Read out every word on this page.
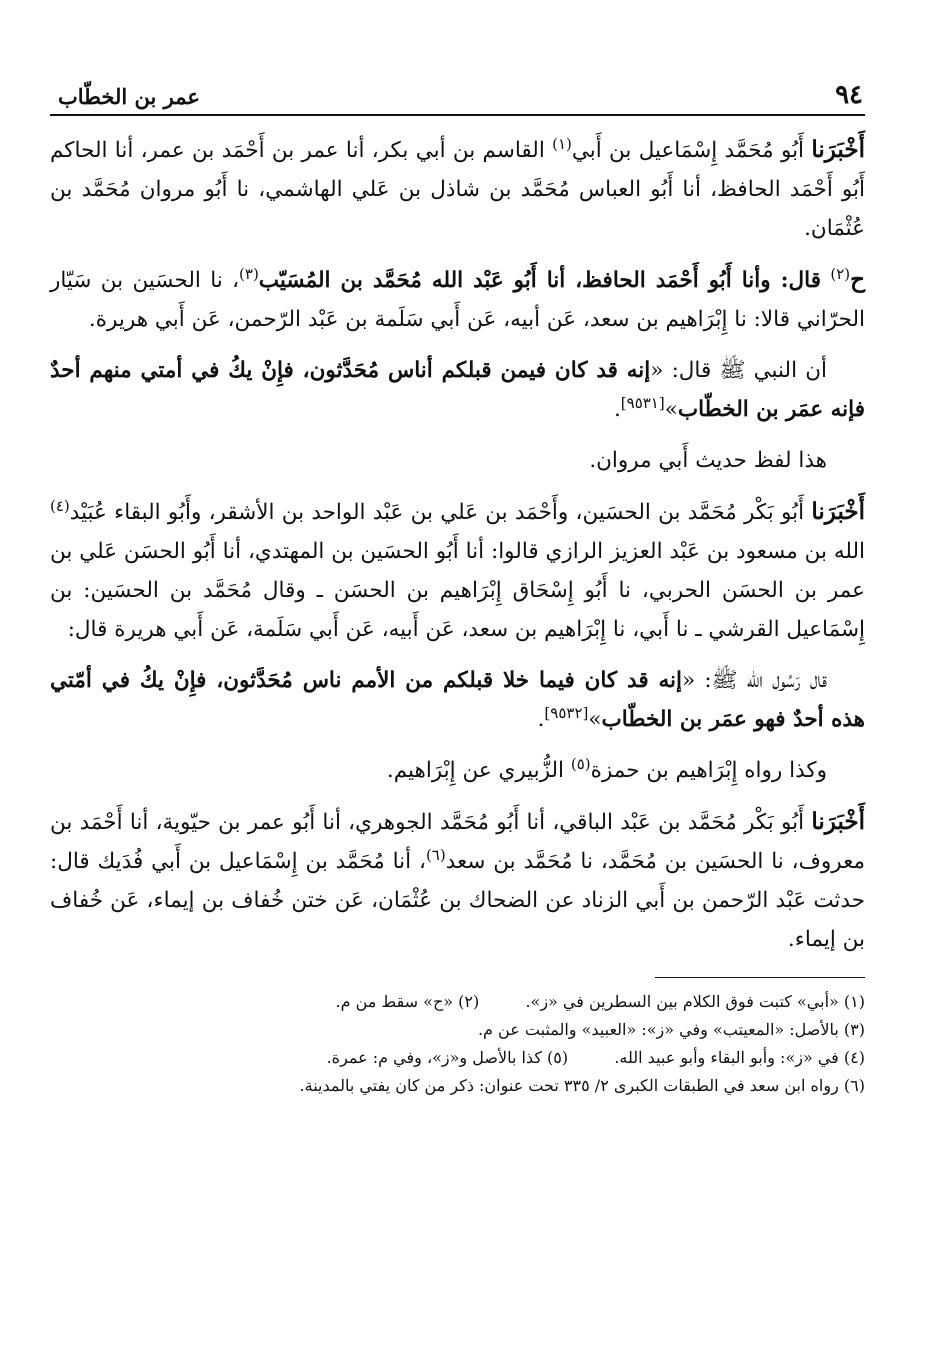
٩٤
عمر بن الخطّاب

أَخْبَرَنا أَبُو مُحَمَّد إِسْمَاعيل بن أَبي$^{(١)}$ القاسم بن أبي بكر، أنا عمر بن أَحْمَد بن عمر، أنا الحاكم أَبُو أَحْمَد الحافظ، أنا أَبُو العباس مُحَمَّد بن شاذل بن عَلي الهاشمي، نا أَبُو مروان مُحَمَّد بن عُثْمَان.

ح$^{(٢)}$ قال: وأنا أَبُو أَحْمَد الحافظ، أنا أَبُو عَبْد الله مُحَمَّد بن المُسَيّب$^{(٣)}$، نا الحسَين بن سَيّار الحرّاني قالا: نا إِبْرَاهيم بن سعد، عَن أبيه، عَن أَبي سَلَمة بن عَبْد الرّحمن، عَن أَبي هريرة.

أن النبي ﷺ قال: «إنه قد كان فيمن قبلكم أناس مُحَدَّثون، فإِنْ يكُ في أمتي منهم أحدٌ فإنه عمَر بن الخطّاب»[٩٥٣١].

هذا لفظ حديث أَبي مروان.

أَخْبَرَنا أَبُو بَكْر مُحَمَّد بن الحسَين، وأَحْمَد بن عَلي بن عَبْد الواحد بن الأشقر، وأَبُو البقاء عُبَيْد$^{(٤)}$ الله بن مسعود بن عَبْد العزيز الرازي قالوا: أنا أَبُو الحسَين بن المهتدي، أنا أَبُو الحسَن عَلي بن عمر بن الحسَن الحربي، نا أَبُو إِسْحَاق إِبْرَاهيم بن الحسَن ـ وقال مُحَمَّد بن الحسَين: بن إِسْمَاعيل القرشي ـ نا أَبي، نا إِبْرَاهيم بن سعد، عَن أَبيه، عَن أَبي سَلَمة، عَن أَبي هريرة قال:

قال رَسُول الله ﷺ: «إنه قد كان فيما خلا قبلكم من الأمم ناس مُحَدَّثون، فإِنْ يكُ في أمّتي هذه أحدٌ فهو عمَر بن الخطّاب»[٩٥٣٢].

وكذا رواه إِبْرَاهيم بن حمزة$^{(٥)}$ الزُّبيري عن إِبْرَاهيم.

أَخْبَرَنا أَبُو بَكْر مُحَمَّد بن عَبْد الباقي، أنا أَبُو مُحَمَّد الجوهري، أنا أَبُو عمر بن حيّوية، أنا أَحْمَد بن معروف، نا الحسَين بن مُحَمَّد، نا مُحَمَّد بن سعد$^{(٦)}$، أنا مُحَمَّد بن إِسْمَاعيل بن أَبي فُدَيك قال: حدثت عَبْد الرّحمن بن أَبي الزناد عن الضحاك بن عُثْمَان، عَن ختن خُفاف بن إيماء، عَن خُفاف بن إيماء.

(١) «أبي» كتبت فوق الكلام بين السطرين في «ز».  (٢) «ح» سقط من م.
(٣) بالأصل: «المعيتب» وفي «ز»: «العبيد» والمثبت عن م.
(٤) في «ز»: وأبو البقاء وأبو عبيد الله.  (٥) كذا بالأصل و«ز»، وفي م: عمرة.
(٦) رواه ابن سعد في الطبقات الكبرى ٢/ ٣٣٥ تحت عنوان: ذكر من كان يفتي بالمدينة.
